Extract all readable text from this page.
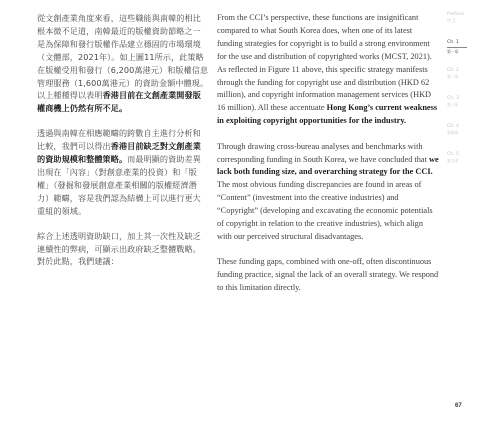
從文創產業角度來看，這些職能與南韓的相比根本微不足道，南韓最近的版權資助節略之一是為保障和發行版權作品建立穩固的市場環境（文體部，2021年）。如上圖11所示，此策略在版權受用和發行（6,200萬港元）和版權信息管理服務（1,600萬港元）的資助金額中體現。以上種種得以表明香港目前在文創產業開發版權商機上仍然有所不足。

透過與南韓在相應範疇的跨數自主進行分析和比較，我們可以得出香港目前缺乏對文創產業的資助規模和整體策略。而最明顯的資助差異出現在「內容」（對創意產業的投資）和「版權」（發掘和發展創意產業相關的版權經濟潛力）範疇，容是我們認為結構上可以進行更大重組的領域。

綜合上述透明資助缺口，加上其一次性及缺乏連續性的弊病，可顯示出政府缺乏整體戰略。對於此點，我們建議：

From the CCI’s perspective, these functions are insignificant compared to what South Korea does, when one of its latest funding strategies for copyright is to build a strong environment for the use and distribution of copyrighted works (MCST, 2021). As reflected in Figure 11 above, this specific strategy manifests through the funding for copyright use and distribution (HKD 62 million), and copyright information management services (HKD 16 million). All these accentuate Hong Kong’s current weakness in exploiting copyright opportunities for the industry.

Through drawing cross-bureau analyses and benchmarks with corresponding funding in South Korea, we have concluded that we lack both funding size, and overarching strategy for the CCI. The most obvious funding discrepancies are found in areas of “Content” (investment into the creative industries) and “Copyright” (developing and excavating the economic potentials of copyright in relation to the creative industries), which align with our perceived structural disadvantages.

These funding gaps, combined with one-off, often discontinuous funding practice, signal the lack of an overall strategy. We respond to this limitation directly.

Preface
序 言
Ch. 1
第一章
Ch. 2
第二章
Ch. 3
第三章
Ch. 4
第四章
Ch. 5
第五章
67
